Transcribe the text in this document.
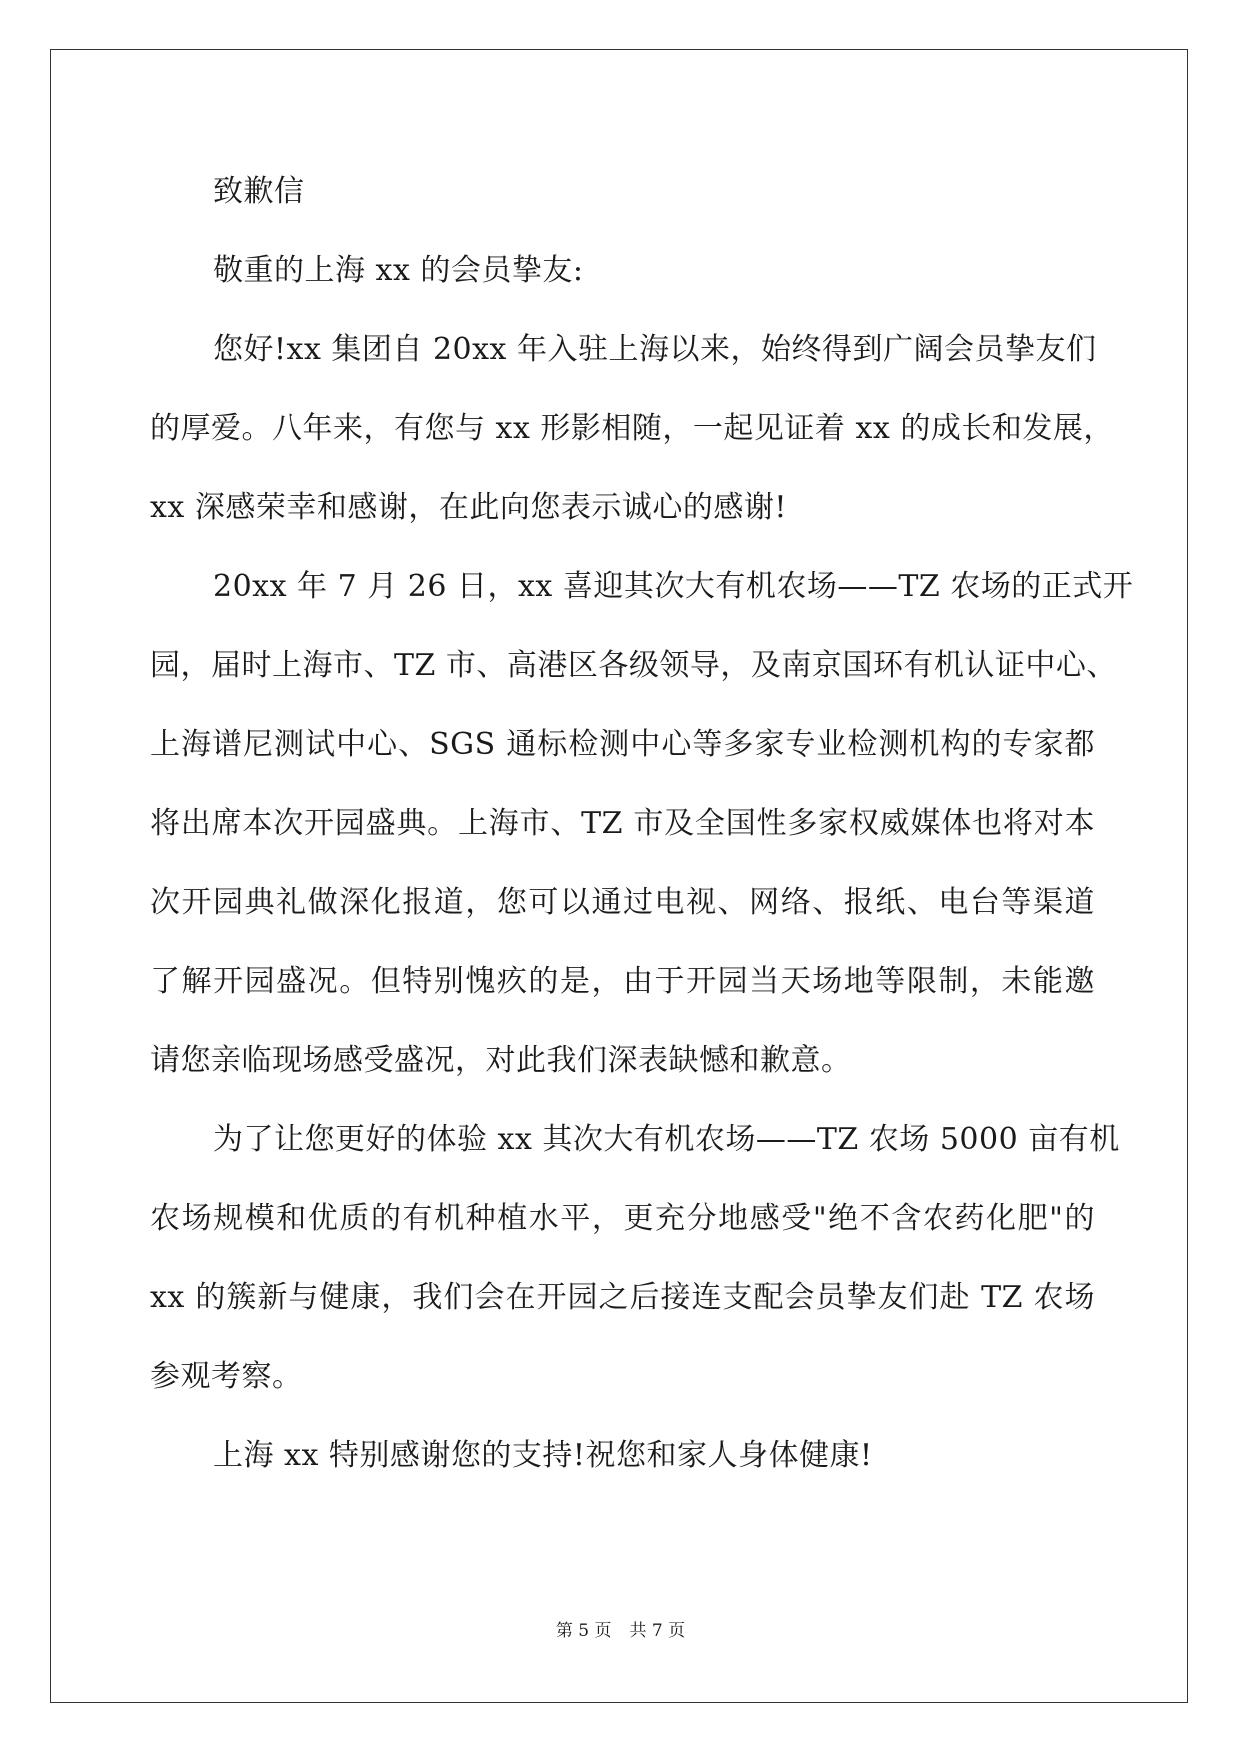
致歉信
敬重的上海 xx 的会员挚友:
您好!xx 集团自 20xx 年入驻上海以来，始终得到广阔会员挚友们
的厚爱。八年来，有您与 xx 形影相随，一起见证着 xx 的成长和发展，
xx 深感荣幸和感谢，在此向您表示诚心的感谢!
20xx 年 7 月 26 日，xx 喜迎其次大有机农场——TZ 农场的正式开
园，届时上海市、TZ 市、高港区各级领导，及南京国环有机认证中心、
上海谱尼测试中心、SGS 通标检测中心等多家专业检测机构的专家都
将出席本次开园盛典。上海市、TZ 市及全国性多家权威媒体也将对本
次开园典礼做深化报道，您可以通过电视、网络、报纸、电台等渠道
了解开园盛况。但特别愧疚的是，由于开园当天场地等限制，未能邀
请您亲临现场感受盛况，对此我们深表缺憾和歉意。
为了让您更好的体验 xx 其次大有机农场——TZ 农场 5000 亩有机
农场规模和优质的有机种植水平，更充分地感受"绝不含农药化肥"的
xx 的簇新与健康，我们会在开园之后接连支配会员挚友们赴 TZ 农场
参观考察。
上海 xx 特别感谢您的支持!祝您和家人身体健康!
第 5 页 共 7 页
